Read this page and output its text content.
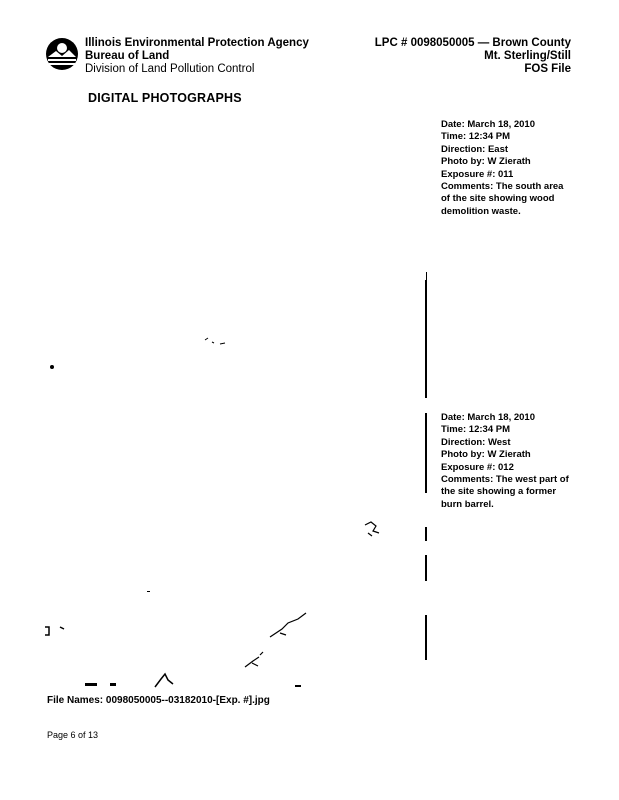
Illinois Environmental Protection Agency
Bureau of Land
Division of Land Pollution Control
LPC # 0098050005 — Brown County
Mt. Sterling/Still
FOS File
DIGITAL PHOTOGRAPHS
Date: March 18, 2010
Time: 12:34 PM
Direction: East
Photo by: W Zierath
Exposure #: 011
Comments: The south area of the site showing wood demolition waste.
Date: March 18, 2010
Time: 12:34 PM
Direction: West
Photo by: W Zierath
Exposure #: 012
Comments: The west part of the site showing a former burn barrel.
File Names: 0098050005--03182010-[Exp. #].jpg
Page 6 of 13
